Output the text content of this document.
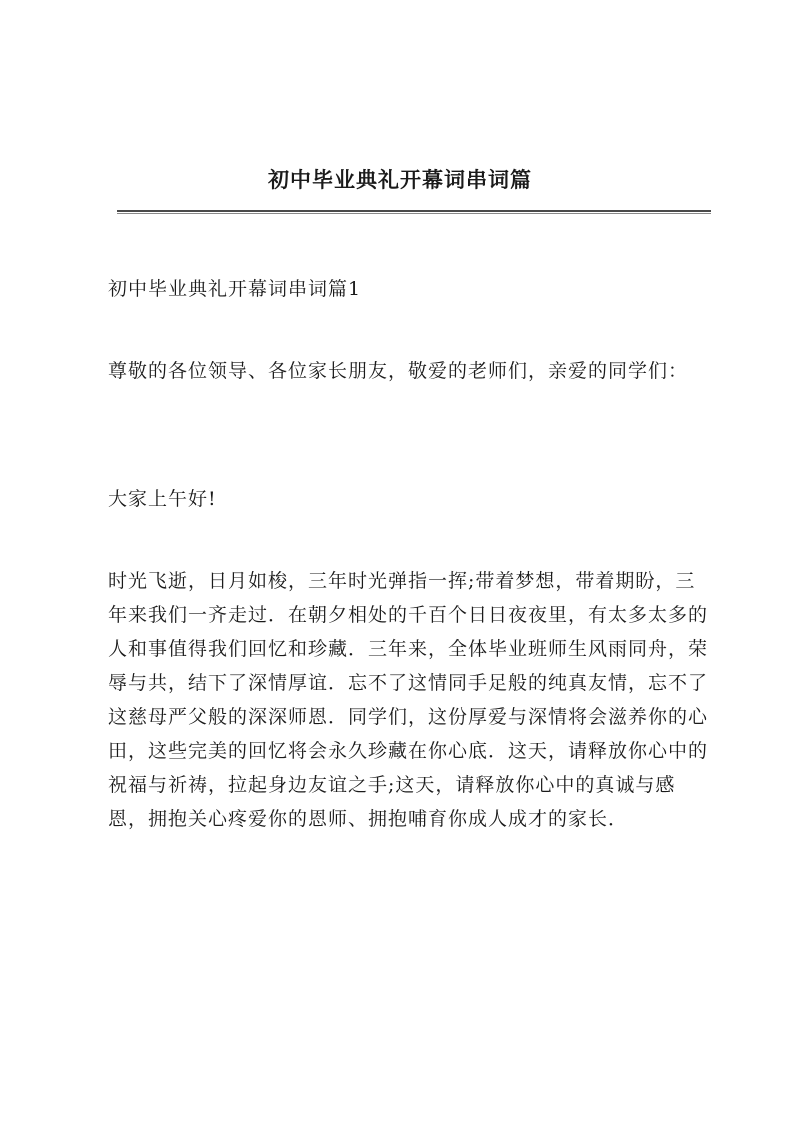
初中毕业典礼开幕词串词篇
初中毕业典礼开幕词串词篇1
尊敬的各位领导、各位家长朋友，敬爱的老师们，亲爱的同学们：
大家上午好!
时光飞逝，日月如梭，三年时光弹指一挥;带着梦想，带着期盼，三年来我们一齐走过．在朝夕相处的千百个日日夜夜里，有太多太多的人和事值得我们回忆和珍藏．三年来，全体毕业班师生风雨同舟，荣辱与共，结下了深情厚谊．忘不了这情同手足般的纯真友情，忘不了这慈母严父般的深深师恩．同学们，这份厚爱与深情将会滋养你的心田，这些完美的回忆将会永久珍藏在你心底．这天，请释放你心中的祝福与祈祷，拉起身边友谊之手;这天，请释放你心中的真诚与感恩，拥抱关心疼爱你的恩师、拥抱哺育你成人成才的家长．
